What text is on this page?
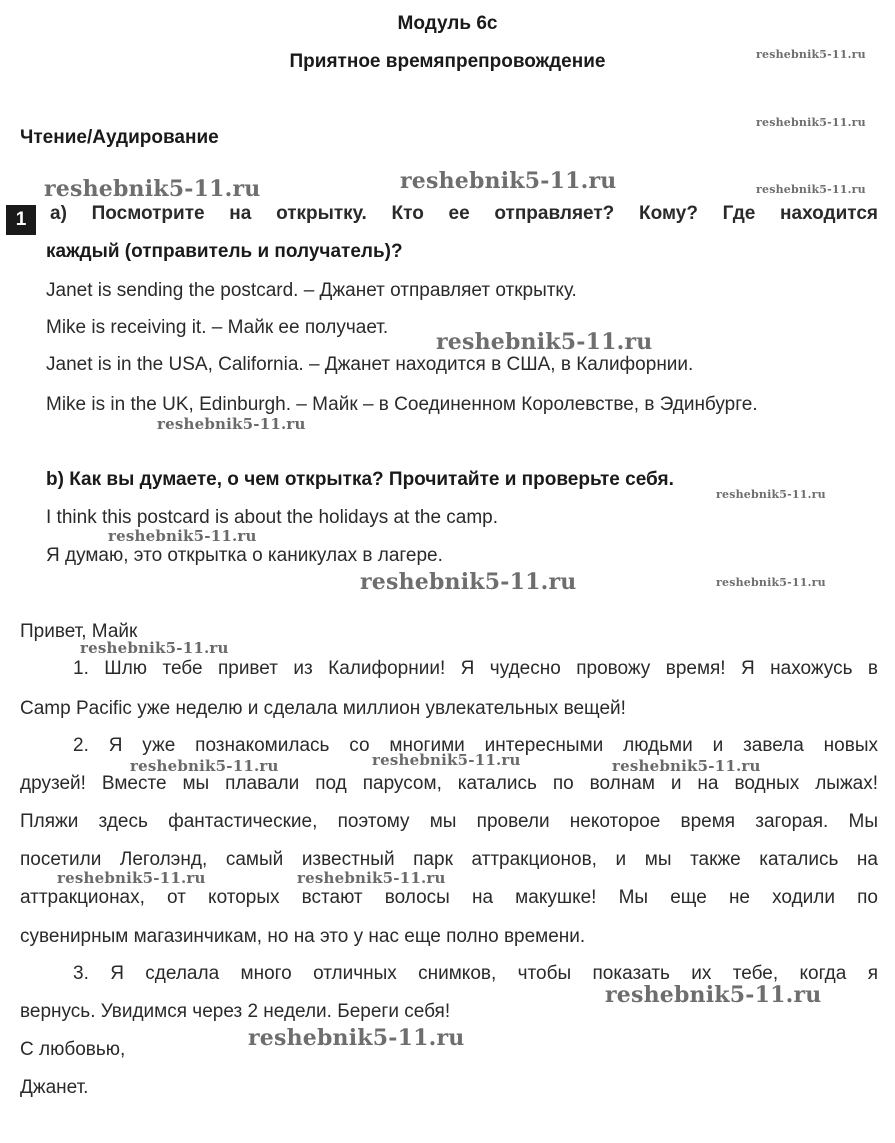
Модуль 6c
Приятное времяпрепровождение
Чтение/Аудирование
1	а) Посмотрите на открытку. Кто ее отправляет? Кому? Где находится
каждый (отправитель и получатель)?
Janet is sending the postcard. – Джанет отправляет открытку.
Mike is receiving it. – Майк ее получает.
Janet is in the USA, California. – Джанет находится в США, в Калифорнии.
Mike is in the UK, Edinburgh. – Майк – в Соединенном Королевстве, в Эдинбурге.
b) Как вы думаете, о чем открытка? Прочитайте и проверьте себя.
I think this postcard is about the holidays at the camp.
Я думаю, это открытка о каникулах в лагере.
Привет, Майк
1. Шлю тебе привет из Калифорнии! Я чудесно провожу время! Я нахожусь в
Camp Pacific уже неделю и сделала миллион увлекательных вещей!
2. Я уже познакомилась со многими интересными людьми и завела новых
друзей! Вместе мы плавали под парусом, катались по волнам и на водных лыжах!
Пляжи здесь фантастические, поэтому мы провели некоторое время загорая. Мы
посетили Леголэнд, самый известный парк аттракционов, и мы также катались на
аттракционах, от которых встают волосы на макушке! Мы еще не ходили по
сувенирным магазинчикам, но на это у нас еще полно времени.
3. Я сделала много отличных снимков, чтобы показать их тебе, когда я
вернусь. Увидимся через 2 недели. Береги себя!
С любовью,
Джанет.
reshebnik5-11.ru
reshebnik5-11.ru
reshebnik5-11.ru
reshebnik5-11.ru	reshebnik5-11.ru
reshebnik5-11.ru
reshebnik5-11.ru
reshebnik5-11.ru
reshebnik5-11.ru
reshebnik5-11.ru	reshebnik5-11.ru
reshebnik5-11.ru
reshebnik5-11.ru	reshebnik5-11.ru	reshebnik5-11.ru
reshebnik5-11.ru	reshebnik5-11.ru
reshebnik5-11.ru
reshebnik5-11.ru
